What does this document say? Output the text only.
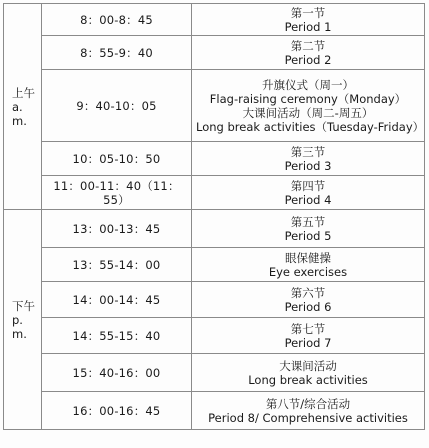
上午
a.
m.	8：00-8：45	第一节
Period 1

	8：55-9：40	第二节
Period 2

	9：40-10：05	升旗仪式（周一）
Flag-raising ceremony（Monday）
大课间活动（周二-周五）
Long break activities（Tuesday-Friday）

	10：05-10：50	第三节
Period 3

	11：00-11：40（11：
55）	第四节
Period 4

下午
p.
m.	13：00-13：45	第五节
Period 5

	13：55-14：00	眼保健操
Eye exercises

	14：00-14：45	第六节
Period 6

	14：55-15：40	第七节
Period 7

	15：40-16：00	大课间活动
Long break activities

	16：00-16：45	第八节/综合活动
Period 8/ Comprehensive activities
